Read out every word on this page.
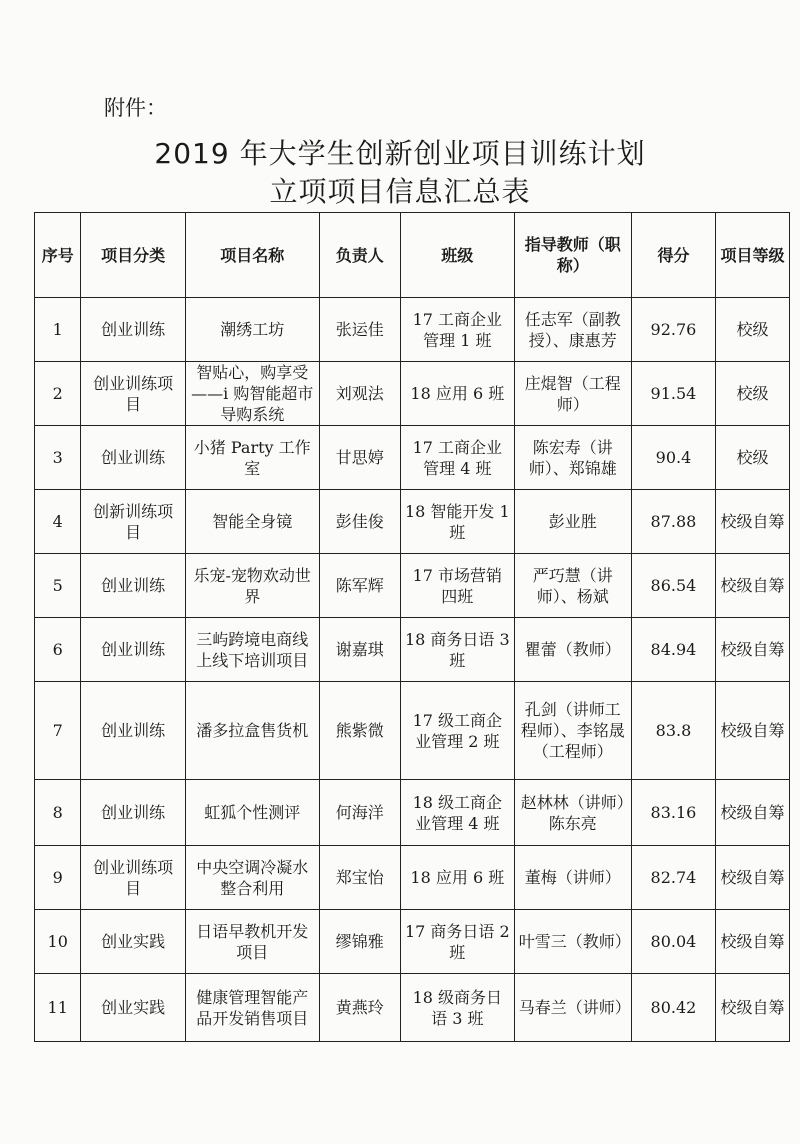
附件：
2019 年大学生创新创业项目训练计划
立项项目信息汇总表
序号	项目分类	项目名称	负责人	班级	指导教师（职称）	得分	项目等级
1	创业训练	潮绣工坊	张运佳	17 工商企业管理 1 班	任志军（副教授）、康惠芳	92.76	校级
2	创业训练项目	智贴心，购享受——i 购智能超市导购系统	刘观法	18 应用 6 班	庄焜智（工程师）	91.54	校级
3	创业训练	小猪 Party 工作室	甘思婷	17 工商企业管理 4 班	陈宏寿（讲师）、郑锦雄	90.4	校级
4	创新训练项目	智能全身镜	彭佳俊	18 智能开发 1 班	彭业胜	87.88	校级自筹
5	创业训练	乐宠-宠物欢动世界	陈军辉	17 市场营销四班	严巧慧（讲师）、杨斌	86.54	校级自筹
6	创业训练	三屿跨境电商线上线下培训项目	谢嘉琪	18 商务日语 3 班	瞿蕾（教师）	84.94	校级自筹
7	创业训练	潘多拉盒售货机	熊紫微	17 级工商企业管理 2 班	孔剑（讲师工程师）、李铭晟（工程师）	83.8	校级自筹
8	创业训练	虹狐个性测评	何海洋	18 级工商企业管理 4 班	赵林林（讲师）陈东亮	83.16	校级自筹
9	创业训练项目	中央空调冷凝水整合利用	郑宝怡	18 应用 6 班	董梅（讲师）	82.74	校级自筹
10	创业实践	日语早教机开发项目	缪锦雅	17 商务日语 2 班	叶雪三（教师）	80.04	校级自筹
11	创业实践	健康管理智能产品开发销售项目	黄燕玲	18 级商务日语 3 班	马春兰（讲师）	80.42	校级自筹
